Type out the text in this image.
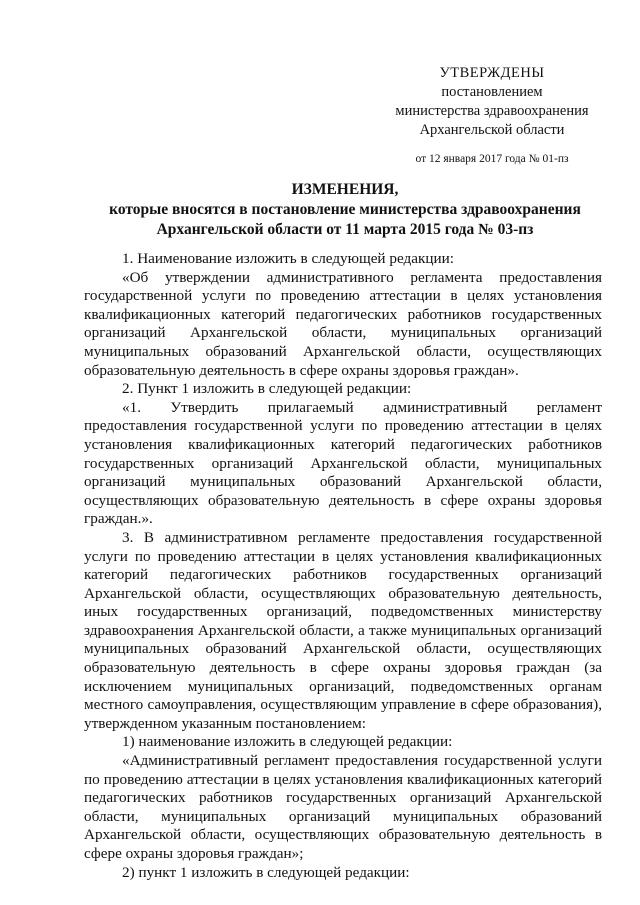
УТВЕРЖДЕНЫ
постановлением
министерства здравоохранения
Архангельской области
от 12 января 2017 года № 01-пз
ИЗМЕНЕНИЯ,
которые вносятся в постановление министерства здравоохранения
Архангельской области от 11 марта 2015 года № 03-пз

1. Наименование изложить в следующей редакции:

«Об утверждении административного регламента предоставления государственной услуги по проведению аттестации в целях установления квалификационных категорий педагогических работников государственных организаций Архангельской области, муниципальных организаций муниципальных образований Архангельской области, осуществляющих образовательную деятельность в сфере охраны здоровья граждан».

2. Пункт 1 изложить в следующей редакции:

«1. Утвердить прилагаемый административный регламент предоставления государственной услуги по проведению аттестации в целях установления квалификационных категорий педагогических работников государственных организаций Архангельской области, муниципальных организаций муниципальных образований Архангельской области, осуществляющих образовательную деятельность в сфере охраны здоровья граждан.».

3. В административном регламенте предоставления государственной услуги по проведению аттестации в целях установления квалификационных категорий педагогических работников государственных организаций Архангельской области, осуществляющих образовательную деятельность, иных государственных организаций, подведомственных министерству здравоохранения Архангельской области, а также муниципальных организаций муниципальных образований Архангельской области, осуществляющих образовательную деятельность в сфере охраны здоровья граждан (за исключением муниципальных организаций, подведомственных органам местного самоуправления, осуществляющим управление в сфере образования), утвержденном указанным постановлением:

1) наименование изложить в следующей редакции:

«Административный регламент предоставления государственной услуги по проведению аттестации в целях установления квалификационных категорий педагогических работников государственных организаций Архангельской области, муниципальных организаций муниципальных образований Архангельской области, осуществляющих образовательную деятельность в сфере охраны здоровья граждан»;

2) пункт 1 изложить в следующей редакции:
